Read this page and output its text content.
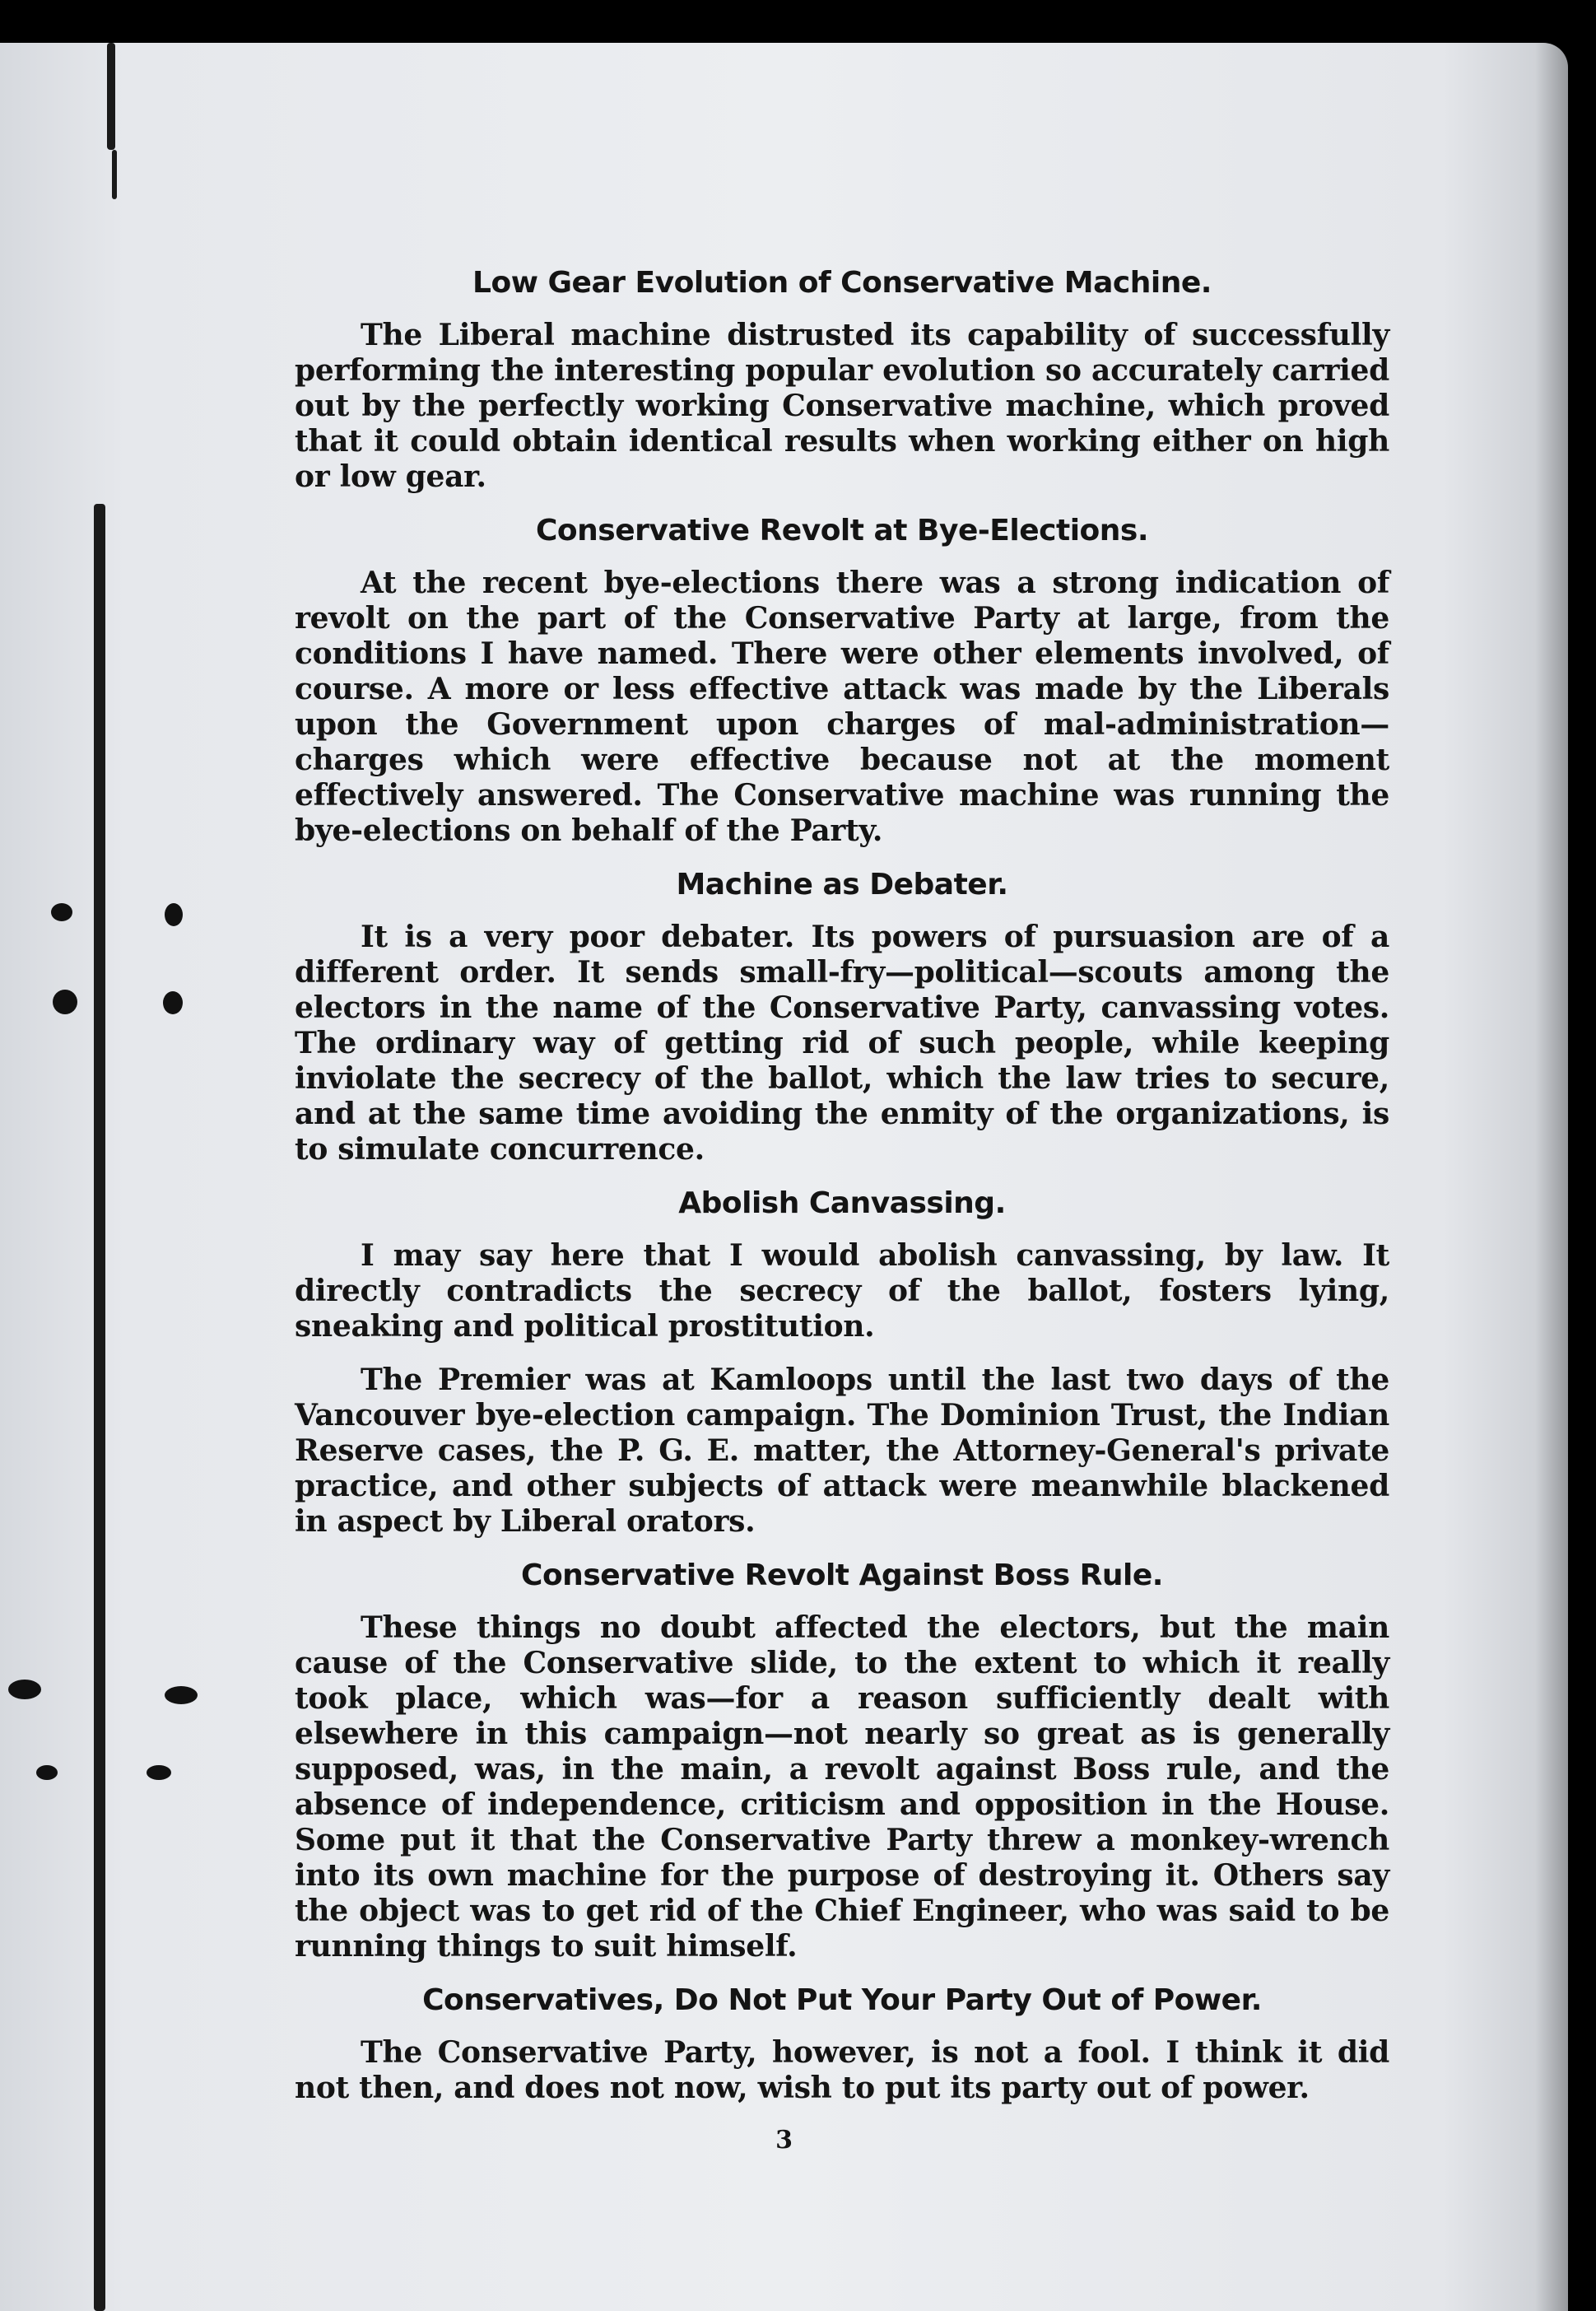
Low Gear Evolution of Conservative Machine.

The Liberal machine distrusted its capability of successfully performing the interesting popular evolution so accurately carried out by the perfectly working Conservative machine, which proved that it could obtain identical results when working either on high or low gear.

Conservative Revolt at Bye-Elections.

At the recent bye-elections there was a strong indication of revolt on the part of the Conservative Party at large, from the conditions I have named. There were other elements involved, of course. A more or less effective attack was made by the Liberals upon the Government upon charges of mal-administration—charges which were effective because not at the moment effectively answered. The Conservative machine was running the bye-elections on behalf of the Party.

Machine as Debater.

It is a very poor debater. Its powers of pursuasion are of a different order. It sends small-fry—political—scouts among the electors in the name of the Conservative Party, canvassing votes. The ordinary way of getting rid of such people, while keeping inviolate the secrecy of the ballot, which the law tries to secure, and at the same time avoiding the enmity of the organizations, is to simulate concurrence.

Abolish Canvassing.

I may say here that I would abolish canvassing, by law. It directly contradicts the secrecy of the ballot, fosters lying, sneaking and political prostitution.

The Premier was at Kamloops until the last two days of the Vancouver bye-election campaign. The Dominion Trust, the Indian Reserve cases, the P. G. E. matter, the Attorney-General's private practice, and other subjects of attack were meanwhile blackened in aspect by Liberal orators.

Conservative Revolt Against Boss Rule.

These things no doubt affected the electors, but the main cause of the Conservative slide, to the extent to which it really took place, which was—for a reason sufficiently dealt with elsewhere in this campaign—not nearly so great as is generally supposed, was, in the main, a revolt against Boss rule, and the absence of independence, criticism and opposition in the House. Some put it that the Conservative Party threw a monkey-wrench into its own machine for the purpose of destroying it. Others say the object was to get rid of the Chief Engineer, who was said to be running things to suit himself.

Conservatives, Do Not Put Your Party Out of Power.

The Conservative Party, however, is not a fool. I think it did not then, and does not now, wish to put its party out of power.

3
